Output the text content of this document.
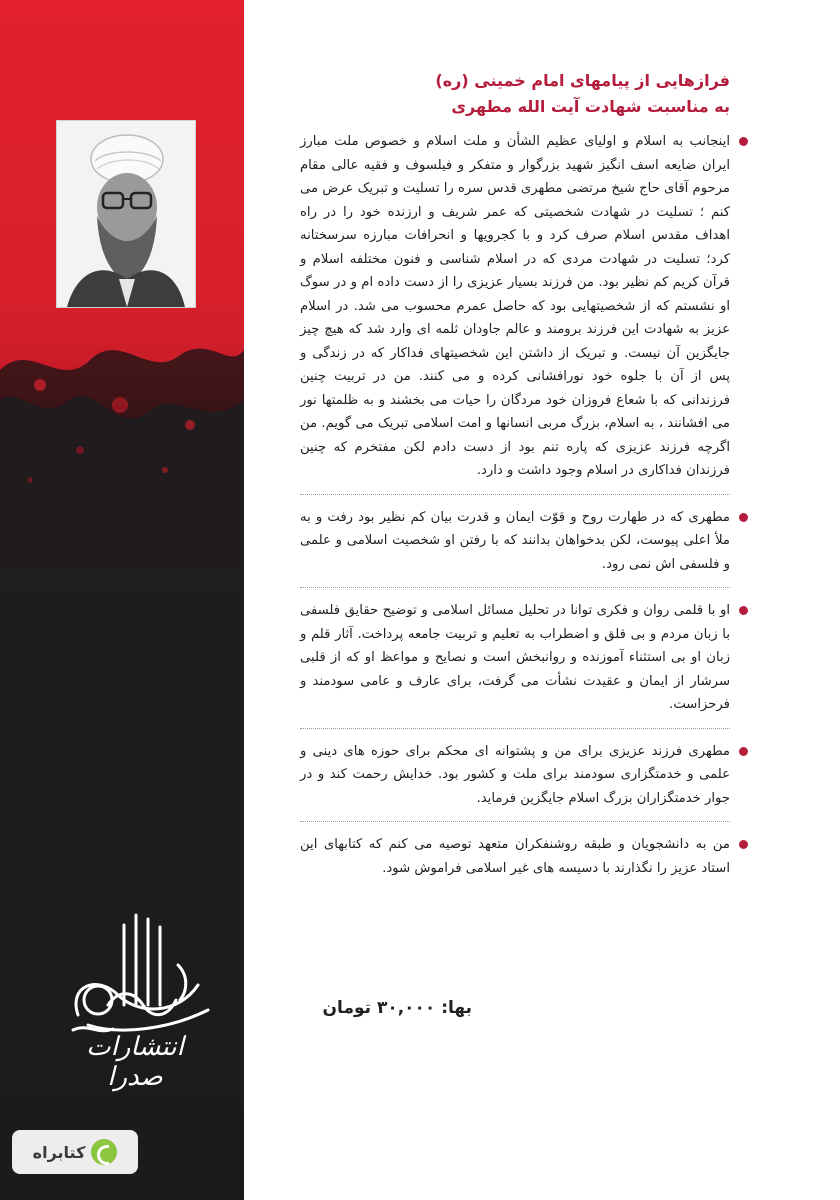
انتشارات صدرا
کتابراه
فرازهایی از پیامهای امام خمینی (ره)
به مناسبت شهادت آیت الله مطهری
اینجانب به اسلام و اولیای عظیم الشأن و ملت اسلام و خصوص ملت مبارز ایران ضایعه اسف انگیز شهید بزرگوار و متفکر و فیلسوف و فقیه عالی مقام مرحوم آقای حاج شیخ مرتضی مطهری قدس سره را تسلیت و تبریک عرض می کنم ؛ تسلیت در شهادت شخصیتی که عمر شریف و ارزنده خود را در راه اهداف مقدس اسلام صرف کرد و با کجرویها و انحرافات مبارزه سرسختانه کرد؛ تسلیت در شهادت مردی که در اسلام شناسی و فنون مختلفه اسلام و قرآن کریم کم نظیر بود. من فرزند بسیار عزیزی را از دست داده ام و در سوگ او نشستم که از شخصیتهایی بود که حاصل عمرم محسوب می شد. در اسلام عزیز به شهادت این فرزند برومند و عالم جاودان ثلمه ای وارد شد که هیچ چیز جایگزین آن نیست. و تبریک از داشتن این شخصیتهای فداکار که در زندگی و پس از آن با جلوه خود نورافشانی کرده و می کنند. من در تربیت چنین فرزندانی که با شعاع فروزان خود مردگان را حیات می بخشند و به ظلمتها نور می افشانند ، به اسلام، بزرگ مربی انسانها و امت اسلامی تبریک می گویم. من اگرچه فرزند عزیزی که پاره تنم بود از دست دادم لکن مفتخرم که چنین فرزندان فداکاری در اسلام وجود داشت و دارد.
مطهری که در طهارت روح و قوّت ایمان و قدرت بیان کم نظیر بود رفت و به ملأ اعلی پیوست، لکن بدخواهان بدانند که با رفتن او شخصیت اسلامی و علمی و فلسفی اش نمی رود.
او با قلمی روان و فکری توانا در تحلیل مسائل اسلامی و توضیح حقایق فلسفی با زبان مردم و بی قلق و اضطراب به تعلیم و تربیت جامعه پرداخت. آثار قلم و زبان او بی استثناء آموزنده و روانبخش است و نصایح و مواعظ او که از قلبی سرشار از ایمان و عقیدت نشأت می گرفت، برای عارف و عامی سودمند و فرحزاست.
مطهری فرزند عزیزی برای من و پشتوانه ای محکم برای حوزه های دینی و علمی و خدمتگزاری سودمند برای ملت و کشور بود. خدایش رحمت کند و در جوار خدمتگزاران بزرگ اسلام جایگزین فرماید.
من به دانشجویان و طبقه روشنفکران متعهد توصیه می کنم که کتابهای این استاد عزیز را نگذارند با دسیسه های غیر اسلامی فراموش شود.
بها: ۳۰,۰۰۰ تومان
